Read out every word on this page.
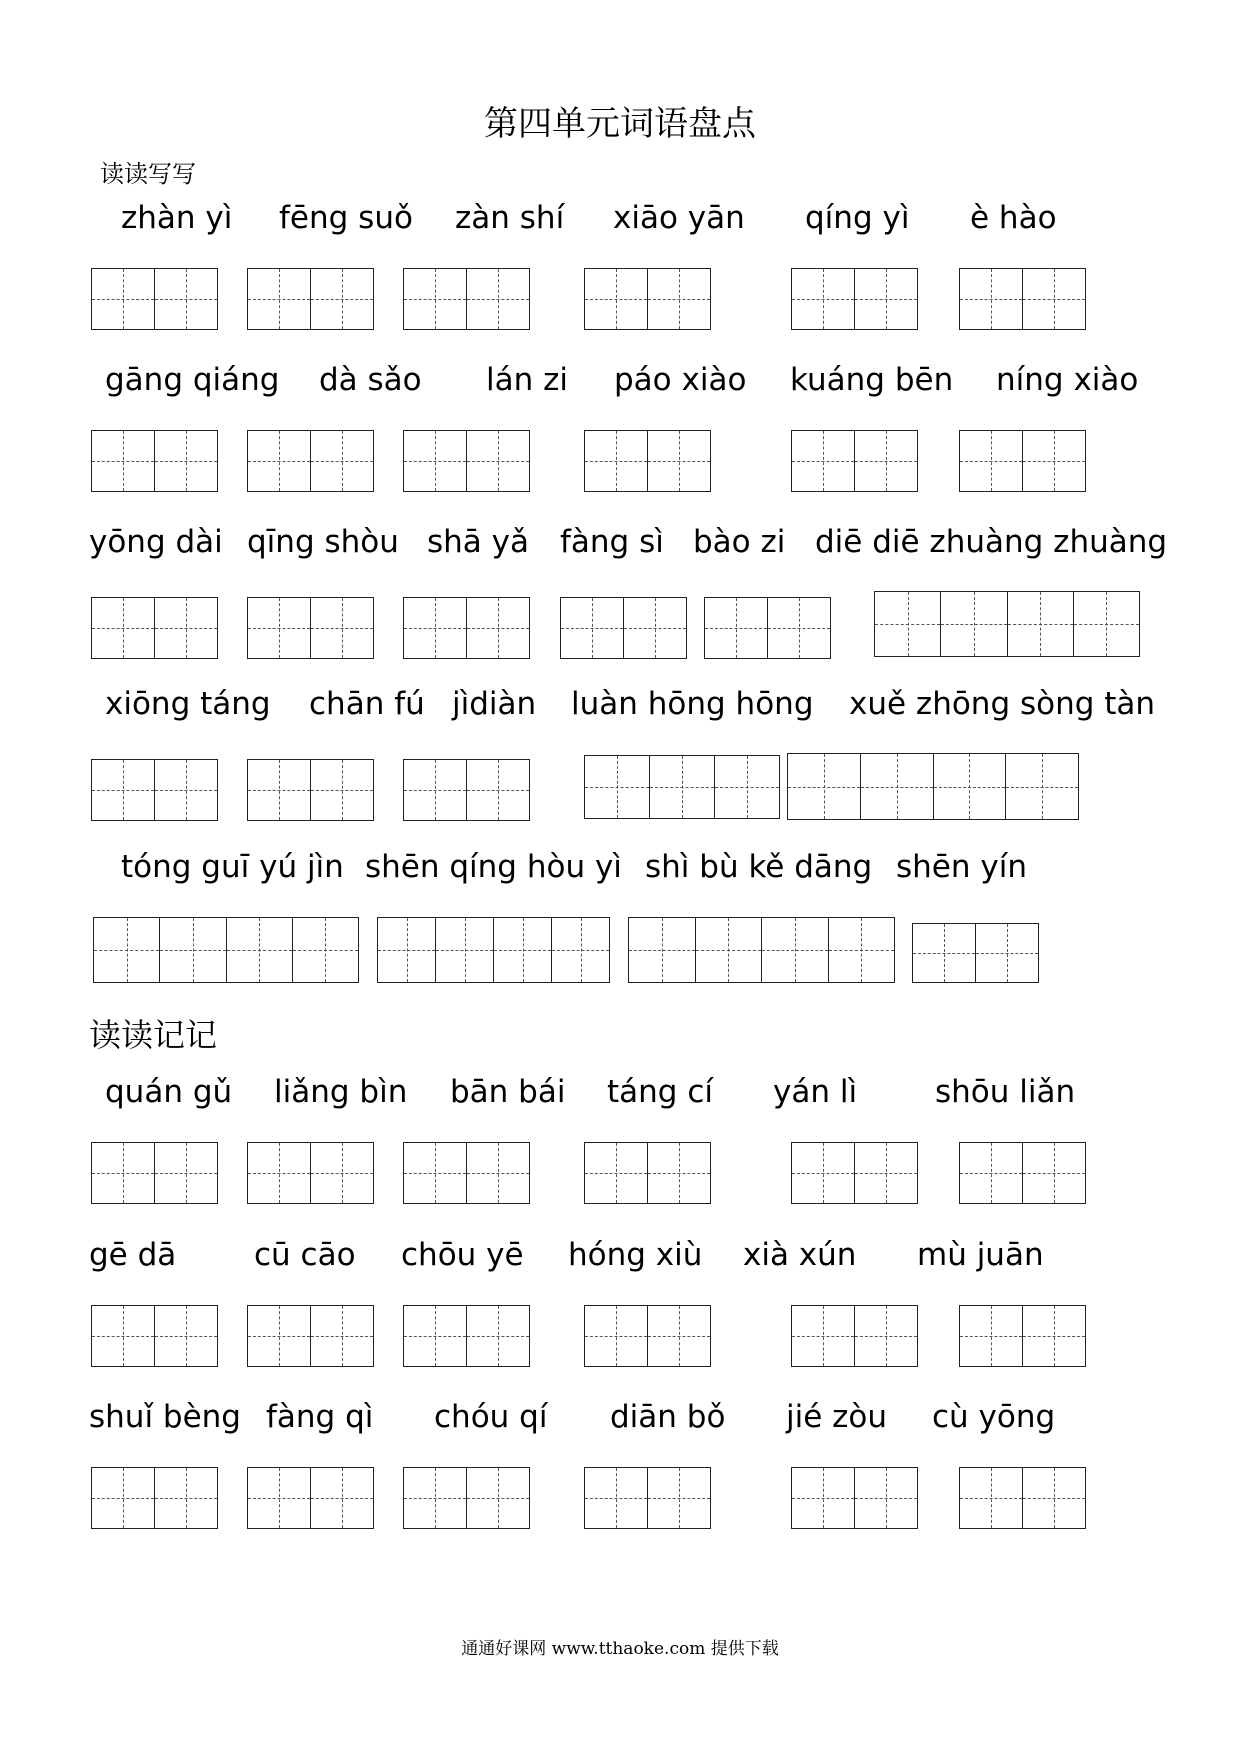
第四单元词语盘点
读读写写
zhàn yì fēng suǒ zàn shí xiāo yān qíng yì è hào
gāng qiáng dà sǎo lán zi páo xiào kuáng bēn níng xiào
yōng dài qīng shòu shā yǎ fàng sì bào zi diē diē zhuàng zhuàng
xiōng táng chān fú jìdiàn luàn hōng hōng xuě zhōng sòng tàn
tóng guī yú jìn shēn qíng hòu yì shì bù kě dāng shēn yín
读读记记
quán gǔ liǎng bìn bān bái táng cí yán lì	shōu liǎn
gē dā	cū cāo chōu yē hóng xiù xià xún mù juān
shuǐ bèng fàng qì chóu qí diān bǒ jié zòu cù yōng
通通好课网 www.tthaoke.com 提供下载
